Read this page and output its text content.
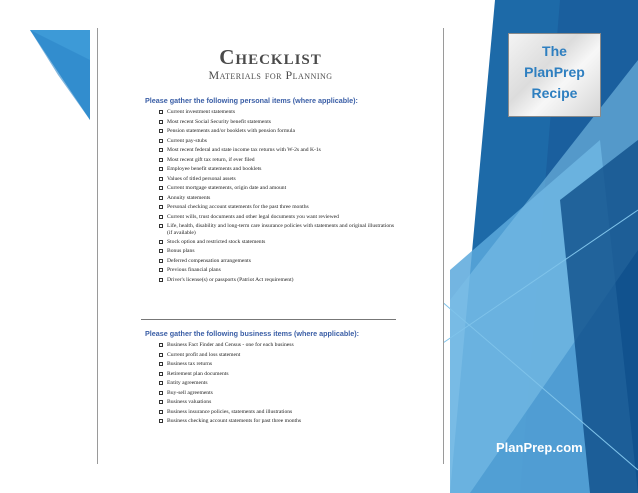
Checklist
Materials for Planning
Please gather the following personal items (where applicable):
Current investment statements
Most recent Social Security benefit statements
Pension statements and/or booklets with pension formula
Current pay-stubs
Most recent federal and state income tax returns with W-2s and K-1s
Most recent gift tax return, if ever filed
Employee benefit statements and booklets
Values of titled personal assets
Current mortgage statements, origin date and amount
Annuity statements
Personal checking account statements for the past three months
Current wills, trust documents and other legal documents you want reviewed
Life, health, disability and long-term care insurance policies with statements and original illustrations (if available)
Stock option and restricted stock statements
Bonus plans
Deferred compensation arrangements
Previous financial plans
Driver's license(s) or passports (Patriot Act requirement)
Please gather the following business items (where applicable):
Business Fact Finder and Census - one for each business
Current profit and loss statement
Business tax returns
Retirement plan documents
Entity agreements
Buy-sell agreements
Business valuations
Business insurance policies, statements and illustrations
Business checking account statements for past three months
The
PlanPrep
Recipe
PlanPrep.com
